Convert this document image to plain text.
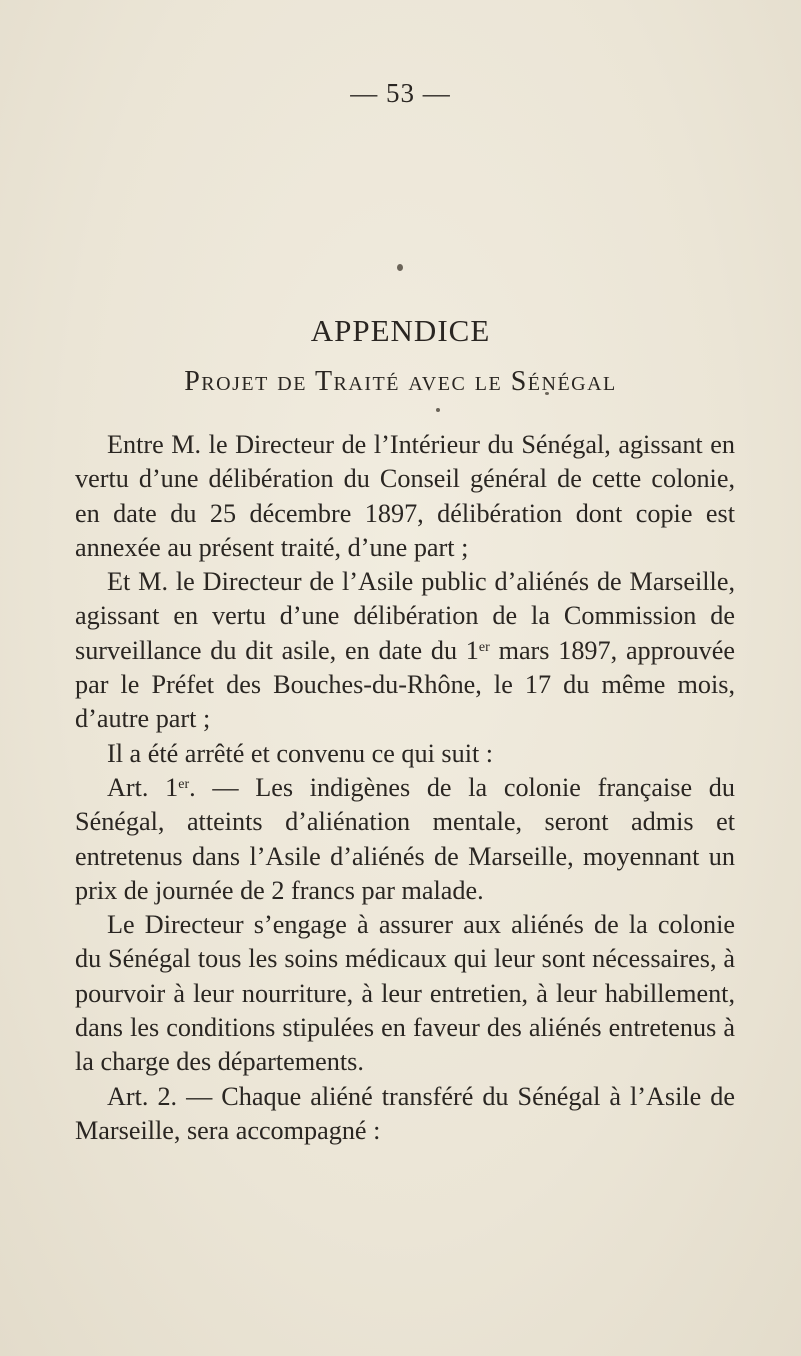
— 53 —
APPENDICE
Projet de Traité avec le Sénégal

Entre M. le Directeur de l’Intérieur du Sénégal, agissant en vertu d’une délibération du Conseil général de cette colonie, en date du 25 décembre 1897, délibération dont copie est annexée au présent traité, d’une part ;

Et M. le Directeur de l’Asile public d’aliénés de Marseille, agissant en vertu d’une délibération de la Commission de surveillance du dit asile, en date du 1er mars 1897, approuvée par le Préfet des Bouches-du-Rhône, le 17 du même mois, d’autre part ;

Il a été arrêté et convenu ce qui suit :

Art. 1er. — Les indigènes de la colonie française du Sénégal, atteints d’aliénation mentale, seront admis et entretenus dans l’Asile d’aliénés de Marseille, moyennant un prix de journée de 2 francs par malade.

Le Directeur s’engage à assurer aux aliénés de la colonie du Sénégal tous les soins médicaux qui leur sont nécessaires, à pourvoir à leur nourriture, à leur entretien, à leur habillement, dans les conditions stipulées en faveur des aliénés entretenus à la charge des départements.

Art. 2. — Chaque aliéné transféré du Sénégal à l’Asile de Marseille, sera accompagné :
